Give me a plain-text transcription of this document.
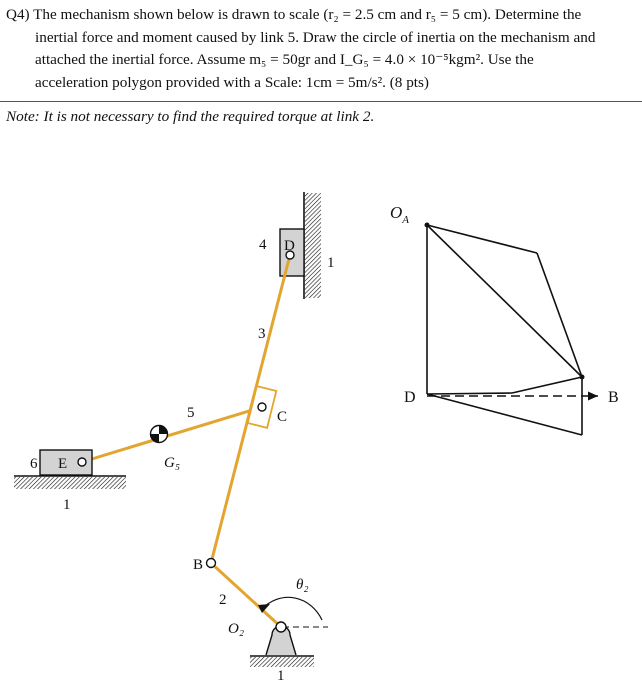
Q4) The mechanism shown below is drawn to scale (r₂ = 2.5 cm and r₅ = 5 cm). Determine the
inertial force and moment caused by link 5. Draw the circle of inertia on the mechanism and
attached the inertial force. Assume m₅ = 50gr and I_G₅ = 4.0 × 10⁻⁵kgm². Use the
acceleration polygon provided with a Scale: 1cm = 5m/s². (8 pts)
Note: It is not necessary to find the required torque at link 2.
4 D
1
3
C
5
G₅
6 E
1
B
2
O₂
θ₂
1
$O_A$
D	B
